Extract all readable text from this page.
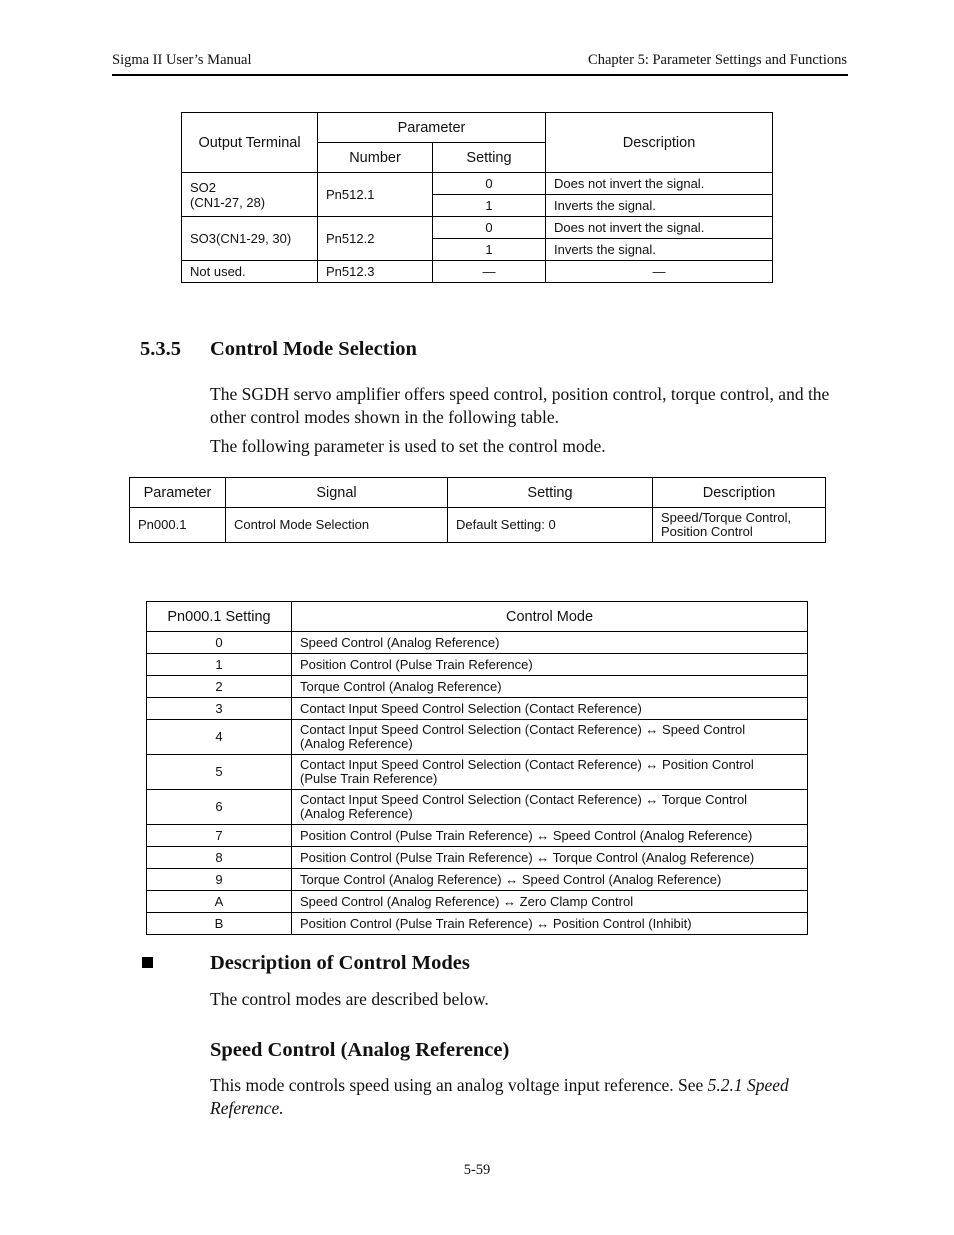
Sigma II User’s Manual	Chapter 5: Parameter Settings and Functions
Output Terminal	Parameter		Description
	Number	Setting	
SO2
(CN1-27, 28)	Pn512.1	0	Does not invert the signal.
		1	Inverts the signal.
SO3(CN1-29, 30)	Pn512.2	0	Does not invert the signal.
		1	Inverts the signal.
Not used.	Pn512.3	—	—
5.3.5 Control Mode Selection
The SGDH servo amplifier offers speed control, position control, torque control, and the other control modes shown in the following table.
The following parameter is used to set the control mode.
Parameter	Signal	Setting	Description
Pn000.1	Control Mode Selection	Default Setting: 0	Speed/Torque Control,
Position Control
Pn000.1 Setting	Control Mode
0	Speed Control (Analog Reference)
1	Position Control (Pulse Train Reference)
2	Torque Control (Analog Reference)
3	Contact Input Speed Control Selection (Contact Reference)
4	Contact Input Speed Control Selection (Contact Reference) ↔ Speed Control
(Analog Reference)
5	Contact Input Speed Control Selection (Contact Reference) ↔ Position Control
(Pulse Train Reference)
6	Contact Input Speed Control Selection (Contact Reference) ↔ Torque Control
(Analog Reference)
7	Position Control (Pulse Train Reference) ↔ Speed Control (Analog Reference)
8	Position Control (Pulse Train Reference) ↔ Torque Control (Analog Reference)
9	Torque Control (Analog Reference) ↔ Speed Control (Analog Reference)
A	Speed Control (Analog Reference) ↔ Zero Clamp Control
B	Position Control (Pulse Train Reference) ↔ Position Control (Inhibit)
Description of Control Modes
The control modes are described below.
Speed Control (Analog Reference)
This mode controls speed using an analog voltage input reference. See 5.2.1 Speed Reference.
5-59
